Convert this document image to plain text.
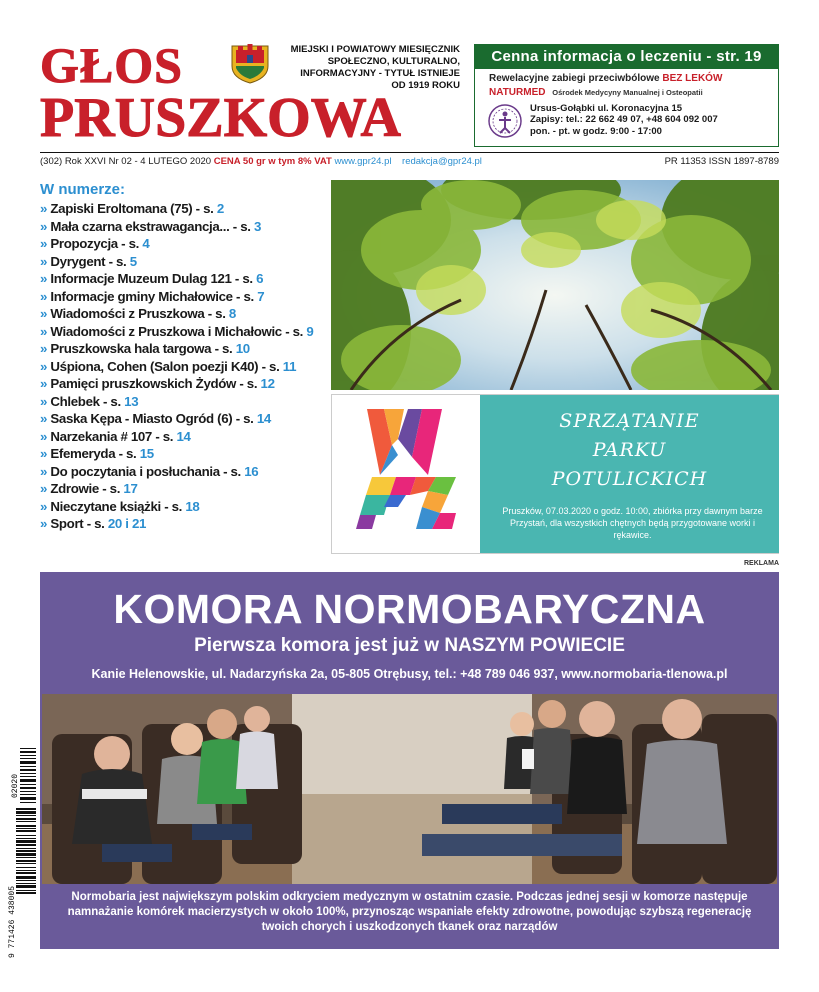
GŁOS
PRUSZKOWA
MIEJSKI I POWIATOWY MIESIĘCZNIK SPOŁECZNO, KULTURALNO, INFORMACYJNY - TYTUŁ ISTNIEJE OD 1919 ROKU
Cenna informacja o leczeniu - str. 19
Rewelacyjne zabiegi przeciwbólowe BEZ LEKÓW
NATURMED Ośrodek Medycyny Manualnej i Osteopatii
Ursus-Gołąbki ul. Koronacyjna 15
Zapisy: tel.: 22 662 49 07, +48 604 092 007
pon. - pt. w godz. 9:00 - 17:00
(302) Rok XXVI Nr 02 - 4 LUTEGO 2020 CENA 50 gr w tym 8% VAT www.gpr24.pl redakcja@gpr24.pl	PR 11353 ISSN 1897-8789
W numerze:
» Zapiski Eroltomana (75) - s. 2
» Mała czarna ekstrawagancja... - s. 3
» Propozycja - s. 4
» Dyrygent - s. 5
» Informacje Muzeum Dulag 121 - s. 6
» Informacje gminy Michałowice - s. 7
» Wiadomości z Pruszkowa - s. 8
» Wiadomości z Pruszkowa i Michałowic - s. 9
» Pruszkowska hala targowa - s. 10
» Uśpiona, Cohen (Salon poezji K40) - s. 11
» Pamięci pruszkowskich Żydów - s. 12
» Chlebek - s. 13
» Saska Kępa - Miasto Ogród (6) - s. 14
» Narzekania # 107 - s. 14
» Efemeryda - s. 15
» Do poczytania i posłuchania - s. 16
» Zdrowie - s. 17
» Nieczytane książki - s. 18
» Sport - s. 20 i 21
SPRZĄTANIE
PARKU
POTULICKICH
Pruszków, 07.03.2020 o godz. 10:00, zbiórka przy dawnym barze Przystań, dla wszystkich chętnych będą przygotowane worki i rękawice.
REKLAMA
KOMORA NORMOBARYCZNA
Pierwsza komora jest już w NASZYM POWIECIE
Kanie Helenowskie, ul. Nadarzyńska 2a, 05-805 Otrębusy, tel.: +48 789 046 937, www.normobaria-tlenowa.pl
Normobaria jest największym polskim odkryciem medycznym w ostatnim czasie. Podczas jednej sesji w komorze następuje namnażanie komórek macierzystych w około 100%, przynosząc wspaniałe efekty zdrowotne, powodując szybszą regenerację twoich chorych i uszkodzonych tkanek oraz narządów
9 771426 438005
02020
